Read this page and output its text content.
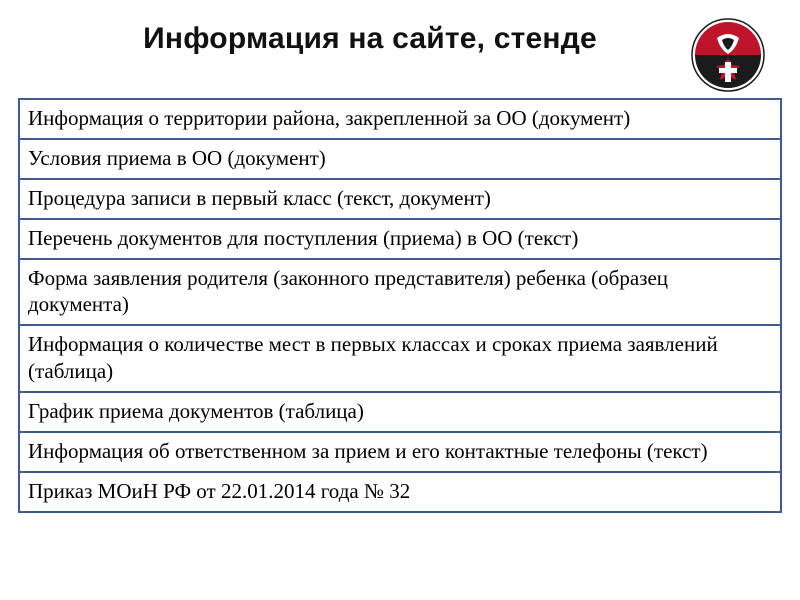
Информация на сайте, стенде
Информация о территории района, закрепленной за ОО (документ)
Условия приема в ОО (документ)
Процедура записи в первый класс (текст, документ)
Перечень документов для поступления (приема) в ОО (текст)
Форма заявления родителя (законного представителя) ребенка (образец документа)
Информация о количестве мест в первых классах и сроках приема заявлений (таблица)
График приема документов (таблица)
Информация об ответственном за прием и его контактные телефоны (текст)
Приказ МОиН РФ от 22.01.2014 года № 32
